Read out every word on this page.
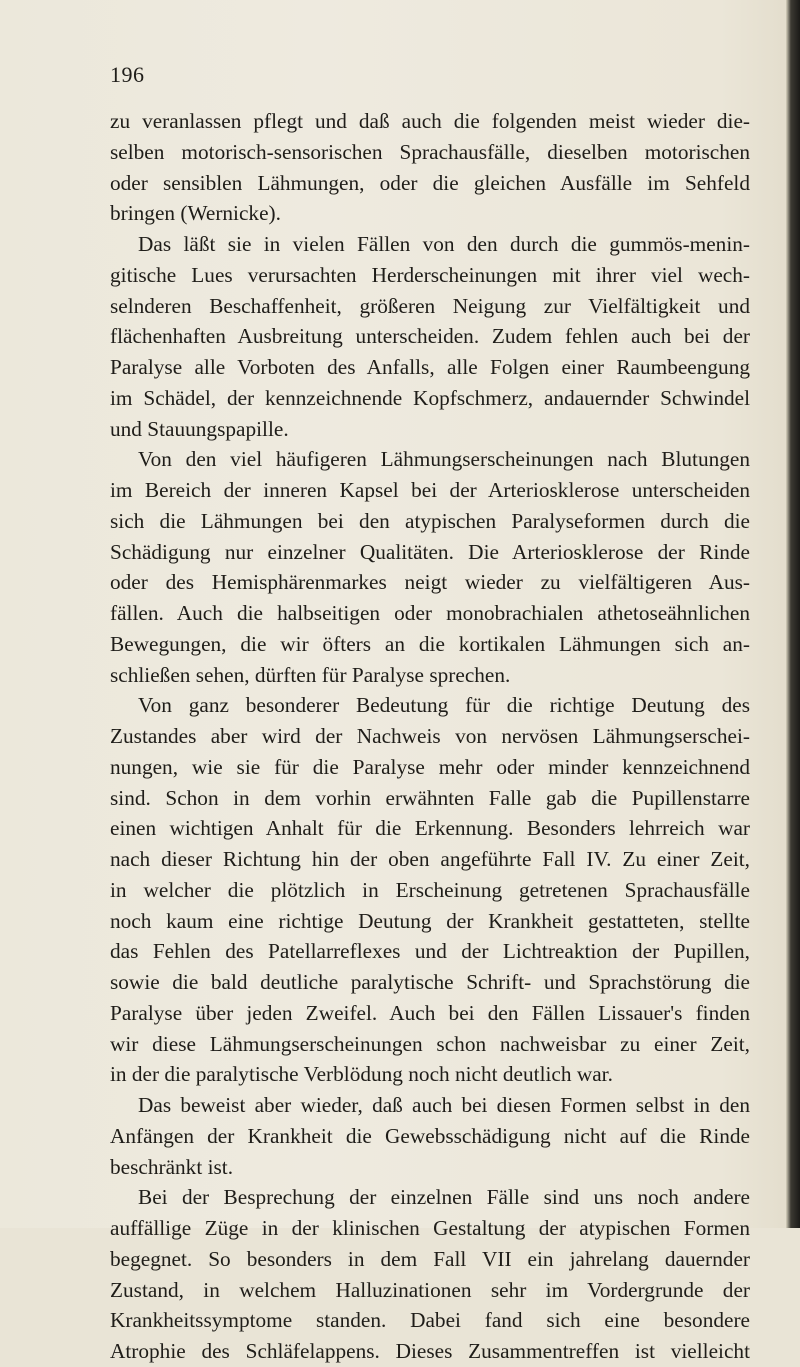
196
zu veranlassen pflegt und daß auch die folgenden meist wieder die-
selben motorisch-sensorischen Sprachausfälle, dieselben motorischen
oder sensiblen Lähmungen, oder die gleichen Ausfälle im Sehfeld
bringen (Wernicke).
Das läßt sie in vielen Fällen von den durch die gummös-menin-
gitische Lues verursachten Herderscheinungen mit ihrer viel wech-
selnderen Beschaffenheit, größeren Neigung zur Vielfältigkeit und
flächenhaften Ausbreitung unterscheiden. Zudem fehlen auch bei der
Paralyse alle Vorboten des Anfalls, alle Folgen einer Raumbeengung
im Schädel, der kennzeichnende Kopfschmerz, andauernder Schwindel
und Stauungspapille.
Von den viel häufigeren Lähmungserscheinungen nach Blutungen
im Bereich der inneren Kapsel bei der Arteriosklerose unterscheiden
sich die Lähmungen bei den atypischen Paralyseformen durch die
Schädigung nur einzelner Qualitäten. Die Arteriosklerose der Rinde
oder des Hemisphärenmarkes neigt wieder zu vielfältigeren Aus-
fällen. Auch die halbseitigen oder monobrachialen athetoseähnlichen
Bewegungen, die wir öfters an die kortikalen Lähmungen sich an-
schließen sehen, dürften für Paralyse sprechen.
Von ganz besonderer Bedeutung für die richtige Deutung des
Zustandes aber wird der Nachweis von nervösen Lähmungserschei-
nungen, wie sie für die Paralyse mehr oder minder kennzeichnend
sind. Schon in dem vorhin erwähnten Falle gab die Pupillenstarre
einen wichtigen Anhalt für die Erkennung. Besonders lehrreich war
nach dieser Richtung hin der oben angeführte Fall IV. Zu einer Zeit,
in welcher die plötzlich in Erscheinung getretenen Sprachausfälle
noch kaum eine richtige Deutung der Krankheit gestatteten, stellte
das Fehlen des Patellarreflexes und der Lichtreaktion der Pupillen,
sowie die bald deutliche paralytische Schrift- und Sprachstörung die
Paralyse über jeden Zweifel. Auch bei den Fällen Lissauer's finden
wir diese Lähmungserscheinungen schon nachweisbar zu einer Zeit,
in der die paralytische Verblödung noch nicht deutlich war.
Das beweist aber wieder, daß auch bei diesen Formen selbst in den
Anfängen der Krankheit die Gewebsschädigung nicht auf die Rinde
beschränkt ist.
Bei der Besprechung der einzelnen Fälle sind uns noch andere
auffällige Züge in der klinischen Gestaltung der atypischen Formen
begegnet. So besonders in dem Fall VII ein jahrelang dauernder
Zustand, in welchem Halluzinationen sehr im Vordergrunde der
Krankheitssymptome standen. Dabei fand sich eine besondere
Atrophie des Schläfelappens. Dieses Zusammentreffen ist vielleicht
